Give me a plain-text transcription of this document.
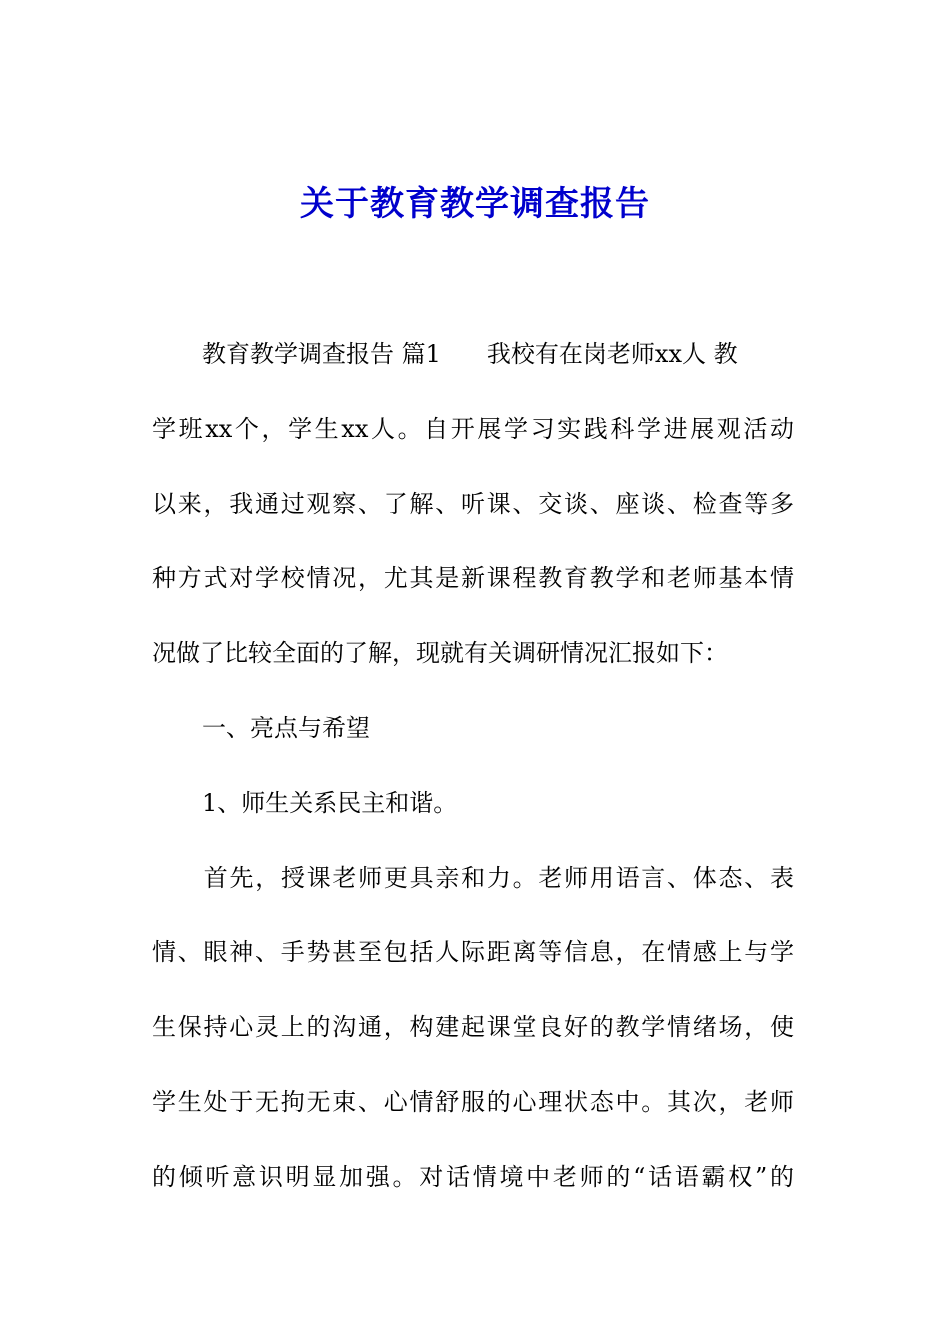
关于教育教学调查报告
教育教学调查报告 篇1 我校有在岗老师xx人 教
学班xx个，学生xx人。自开展学习实践科学进展观活动
以来，我通过观察、了解、听课、交谈、座谈、检查等多
种方式对学校情况，尤其是新课程教育教学和老师基本情
况做了比较全面的了解，现就有关调研情况汇报如下：
一、亮点与希望
1、师生关系民主和谐。
首先，授课老师更具亲和力。老师用语言、体态、表
情、眼神、手势甚至包括人际距离等信息，在情感上与学
生保持心灵上的沟通，构建起课堂良好的教学情绪场，使
学生处于无拘无束、心情舒服的心理状态中。其次，老师
的倾听意识明显加强。对话情境中老师的“话语霸权”的
